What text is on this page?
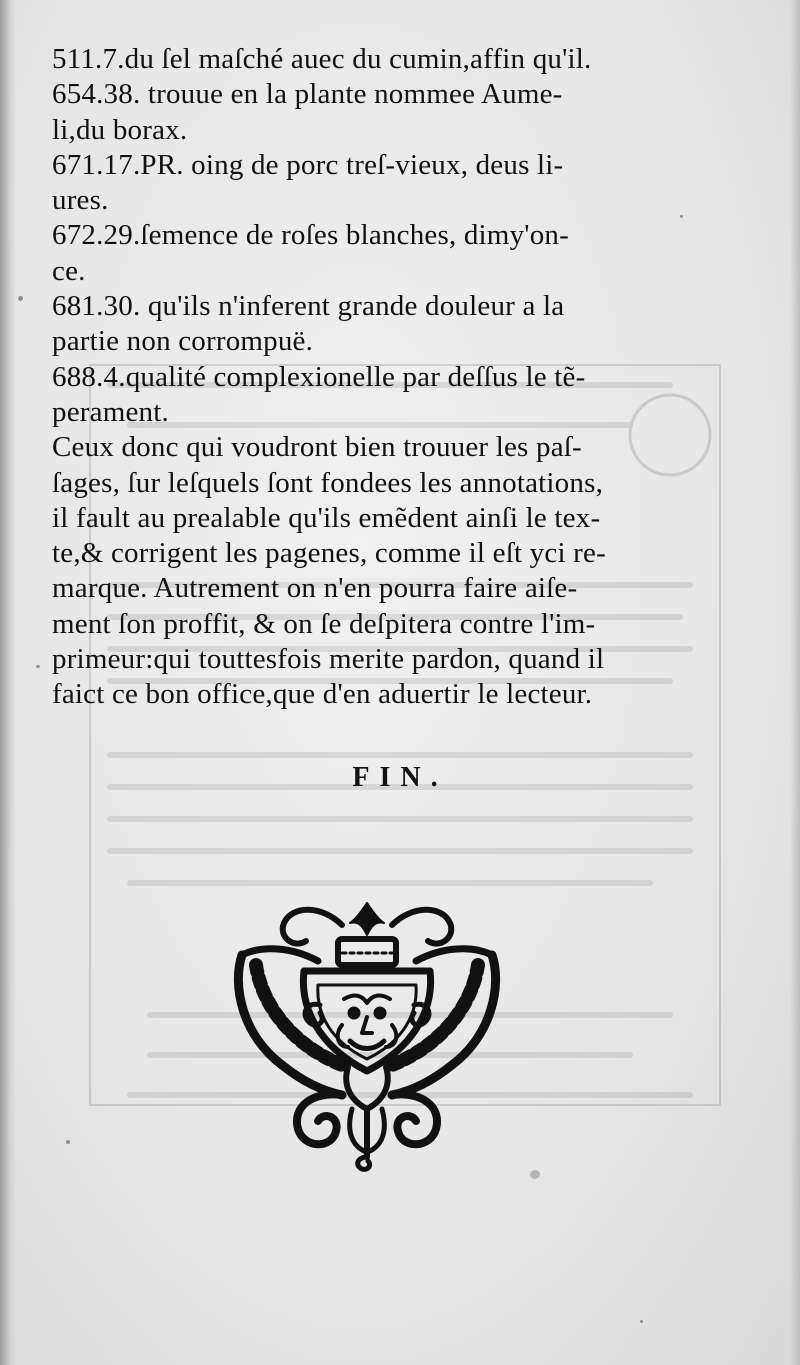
511.7.du ſel maſché auec du cumin,affin qu'il.
654.38. trouue en la plante nommee Aume-
li,du borax.
671.17.PR. oing de porc treſ-vieux, deus li-
ures.
672.29.ſemence de roſes blanches, dimy'on-
ce.
681.30. qu'ils n'inferent grande douleur a la
partie non corrompuë.
688.4.qualité complexionelle par deſſus le tẽ-
perament.
Ceux donc qui voudront bien trouuer les paſ-
ſages, ſur leſquels ſont fondees les annotations,
il fault au prealable qu'ils emẽdent ainſi le tex-
te,& corrigent les pagenes, comme il eſt yci re-
marque. Autrement on n'en pourra faire aiſe-
ment ſon proffit, & on ſe deſpitera contre l'im-
primeur:qui touttesfois merite pardon, quand il
faict ce bon office,que d'en aduertir le lecteur.
FIN.
